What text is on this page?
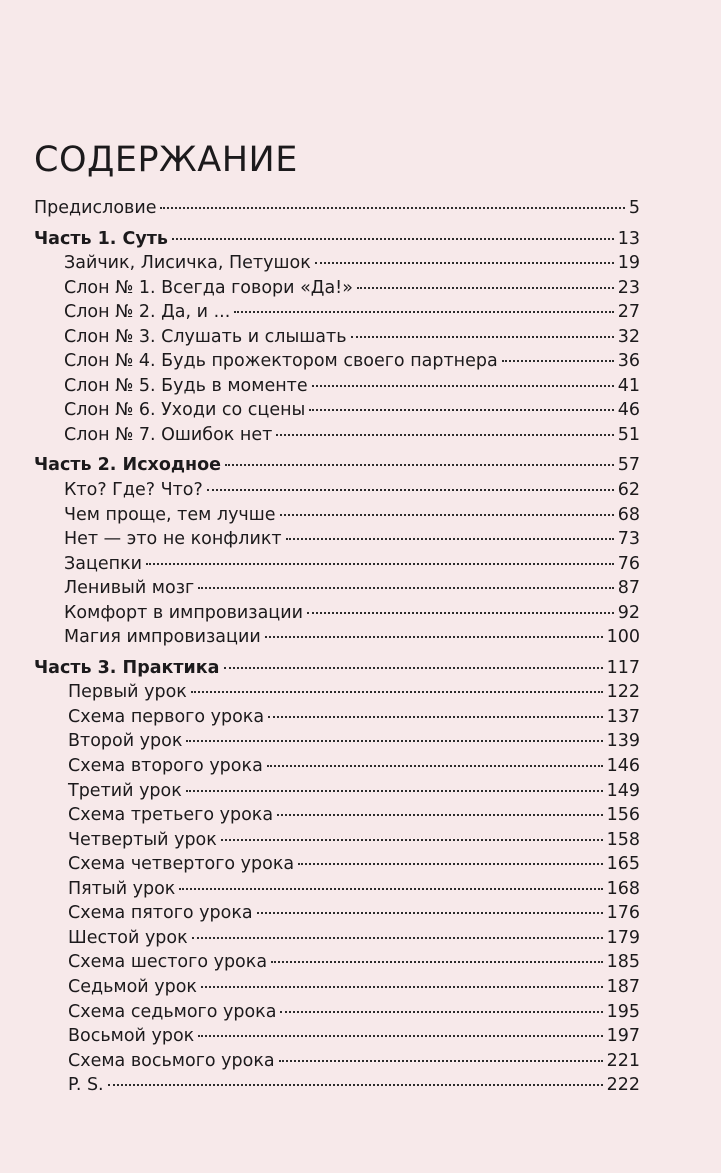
СОДЕРЖАНИЕ
Предисловие	5
Часть 1. Суть	13
Зайчик, Лисичка, Петушок	19
Слон № 1. Всегда говори «Да!»	23
Слон № 2. Да, и ...	27
Слон № 3. Слушать и слышать	32
Слон № 4. Будь прожектором своего партнера	36
Слон № 5. Будь в моменте	41
Слон № 6. Уходи со сцены	46
Слон № 7. Ошибок нет	51
Часть 2. Исходное	57
Кто? Где? Что?	62
Чем проще, тем лучше	68
Нет — это не конфликт	73
Зацепки	76
Ленивый мозг	87
Комфорт в импровизации	92
Магия импровизации	100
Часть 3. Практика	117
Первый урок	122
Схема первого урока	137
Второй урок	139
Схема второго урока	146
Третий урок	149
Схема третьего урока	156
Четвертый урок	158
Схема четвертого урока	165
Пятый урок	168
Схема пятого урока	176
Шестой урок	179
Схема шестого урока	185
Седьмой урок	187
Схема седьмого урока	195
Восьмой урок	197
Схема восьмого урока	221
P. S.	222
